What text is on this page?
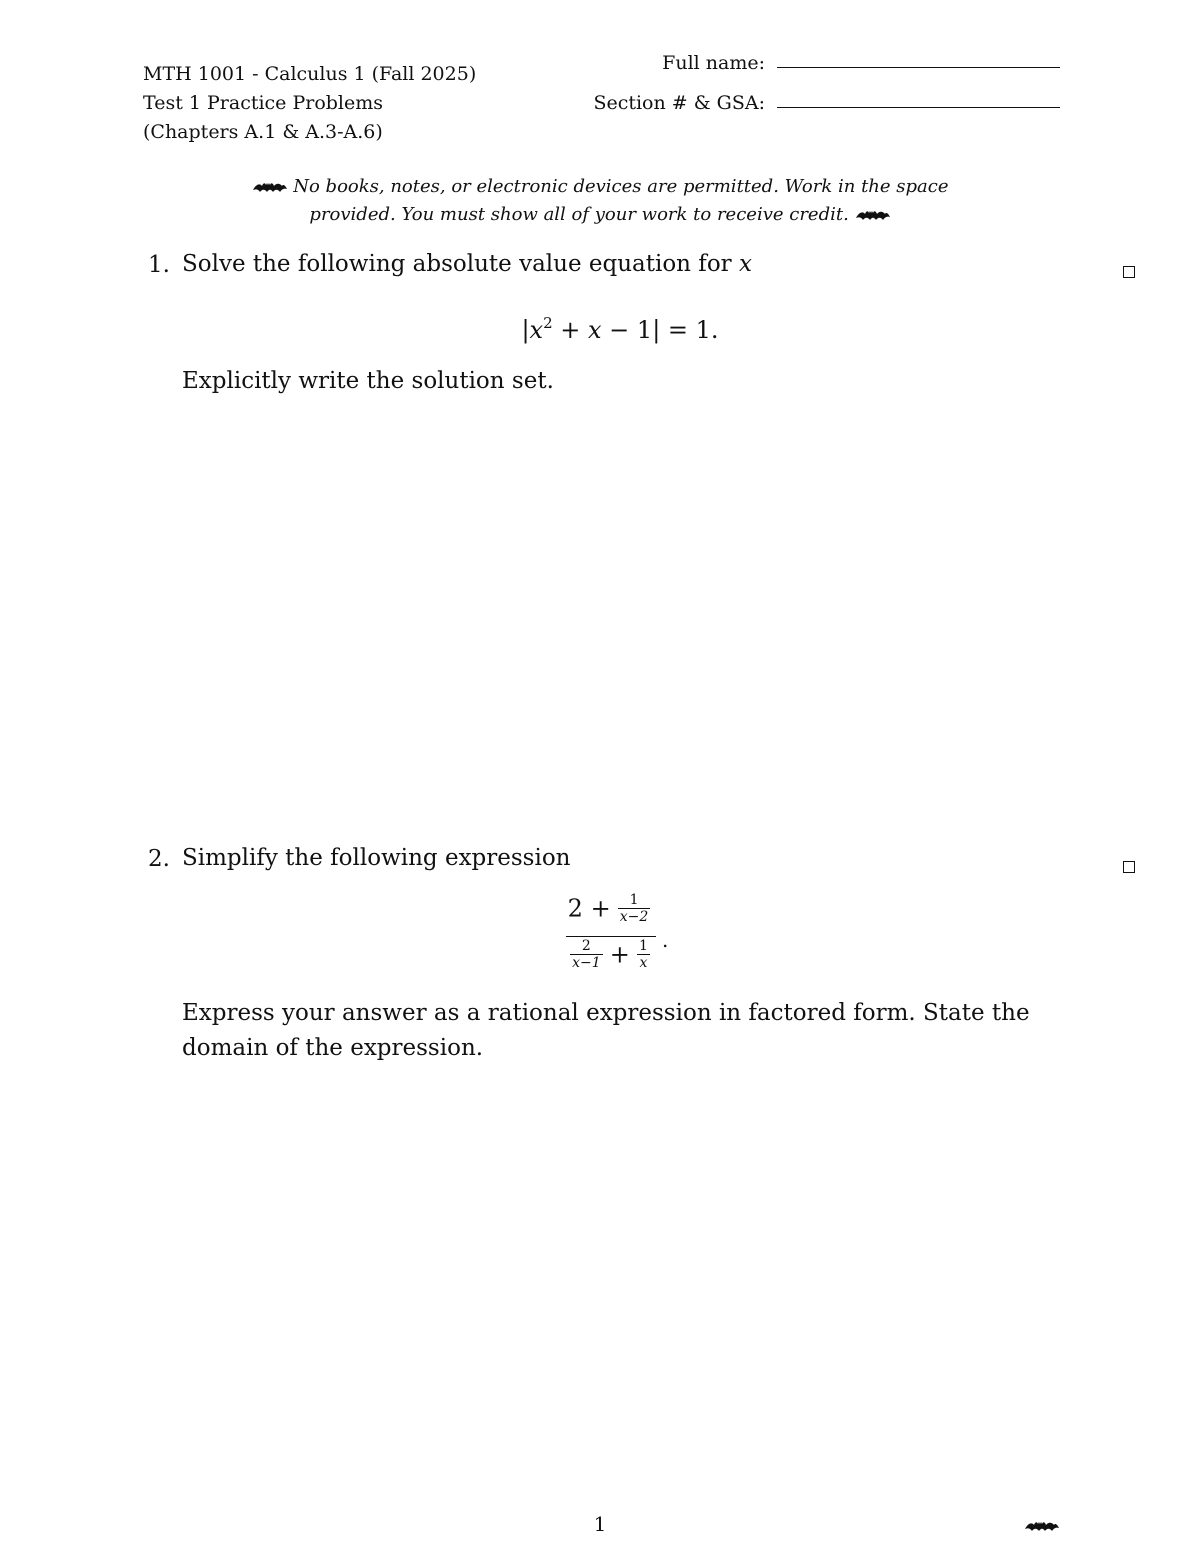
MTH 1001 - Calculus 1 (Fall 2025)
Test 1 Practice Problems
(Chapters A.1 & A.3-A.6)
Full name:
Section # & GSA:
No books, notes, or electronic devices are permitted. Work in the space
provided. You must show all of your work to receive credit.
1. Solve the following absolute value equation for x
$|x^2 + x - 1| = 1$.
Explicitly write the solution set.
2. Simplify the following expression
$2 + \frac{1}{x-2}$
$\frac{2}{x-1} + \frac{1}{x}$ .
Express your answer as a rational expression in factored form. State the
domain of the expression.
1
